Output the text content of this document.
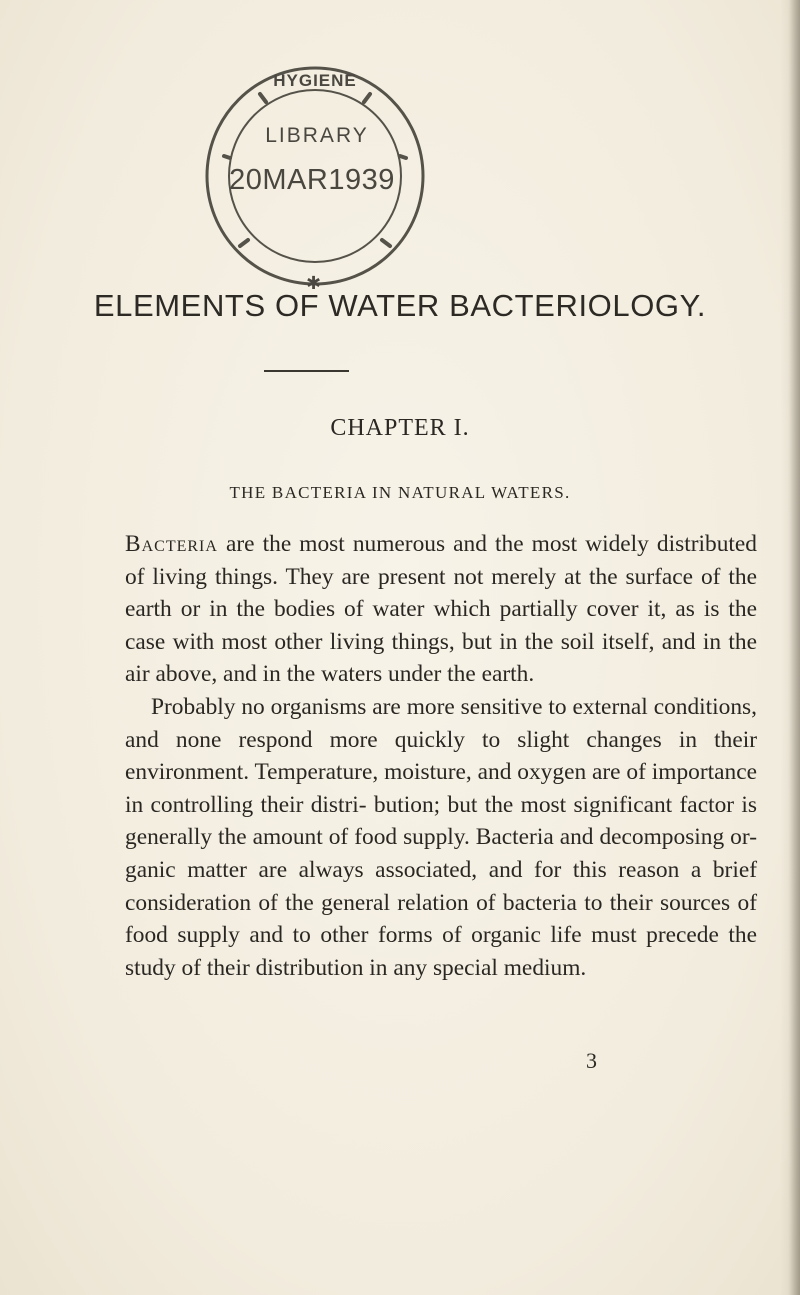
✱
HYGIENE
LIBRARY
20MAR1939
ELEMENTS OF WATER BACTERIOLOGY.
CHAPTER I.
THE BACTERIA IN NATURAL WATERS.

Bacteria are the most numerous and the most widely distributed of living things. They are present not merely at the surface of the earth or in the bodies of water which partially cover it, as is the case with most other living things, but in the soil itself, and in the air above, and in the waters under the earth.

Probably no organisms are more sensitive to external conditions, and none respond more quickly to slight changes in their environment. Temperature, moisture, and oxygen are of importance in controlling their distri- bution; but the most significant factor is generally the amount of food supply. Bacteria and decomposing or- ganic matter are always associated, and for this reason a brief consideration of the general relation of bacteria to their sources of food supply and to other forms of organic life must precede the study of their distribution in any special medium.

3
